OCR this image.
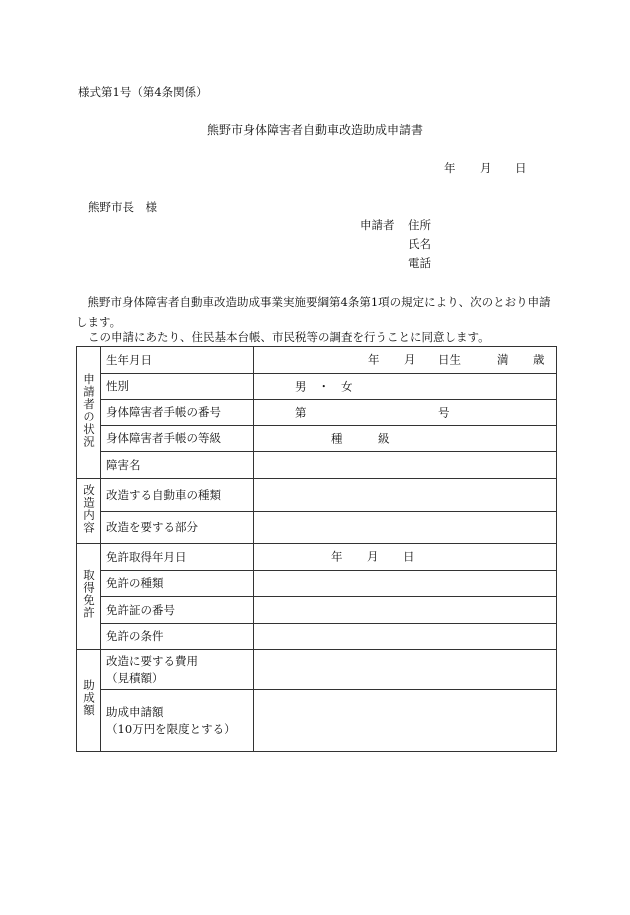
様式第1号（第4条関係）
熊野市身体障害者自動車改造助成申請書
年 月 日
熊野市長　様
申請者 住所
氏名
電話
熊野市身体障害者自動車改造助成事業実施要綱第4条第1項の規定により、次のとおり申請します。
この申請にあたり、住民基本台帳、市民税等の調査を行うことに同意します。
申請者の状況	生年月日	年 月 日生 満 歳

	性別	男　・　女

	身体障害者手帳の番号	第 号

	身体障害者手帳の等級	種 級

	障害名	
改造内容	改造する自動車の種類	
	改造を要する部分	
取得免許	免許取得年月日	年 月 日

	免許の種類	
	免許証の番号	
	免許の条件	
助成額	改造に要する費用
（見積額）	

	助成申請額
（10万円を限度とする）	
